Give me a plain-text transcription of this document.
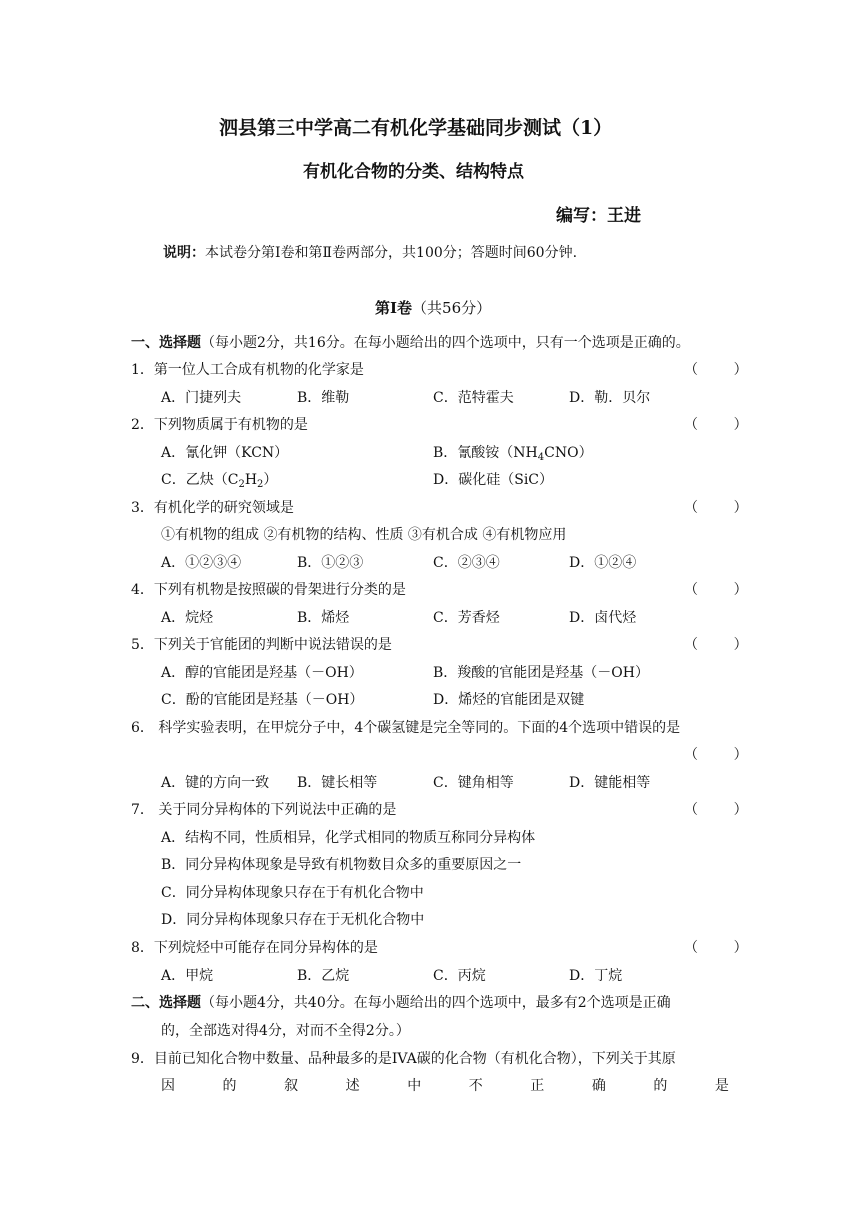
泗县第三中学高二有机化学基础同步测试（1）
有机化合物的分类、结构特点
编写：王进
说明：本试卷分第Ⅰ卷和第Ⅱ卷两部分，共100分；答题时间60分钟.
第Ⅰ卷（共56分）
一、选择题（每小题2分，共16分。在每小题给出的四个选项中，只有一个选项是正确的。
1．第一位人工合成有机物的化学家是	（        ）
A．门捷列夫	B．维勒	C．范特霍夫	D．勒．贝尔
2．下列物质属于有机物的是	（        ）
A．氰化钾（KCN）	B．氰酸铵$(NH_4CNO)$
C．乙炔$(C_2H_2)$	D．碳化硅（SiC）
3．有机化学的研究领域是	（        ）
①有机物的组成 ②有机物的结构、性质 ③有机合成 ④有机物应用
A．①②③④	B．①②③	C．②③④	D．①②④
4．下列有机物是按照碳的骨架进行分类的是	（        ）
A．烷烃	B．烯烃	C．芳香烃	D．卤代烃
5．下列关于官能团的判断中说法错误的是	（        ）
A．醇的官能团是羟基（－OH）	B．羧酸的官能团是羟基（－OH）
C．酚的官能团是羟基（－OH）	D．烯烃的官能团是双键
6． 科学实验表明，在甲烷分子中，4个碳氢键是完全等同的。下面的4个选项中错误的是
（        ）
A．键的方向一致 B．键长相等	C．键角相等	D．键能相等
7． 关于同分异构体的下列说法中正确的是	（        ）
A．结构不同，性质相异，化学式相同的物质互称同分异构体
B．同分异构体现象是导致有机物数目众多的重要原因之一
C．同分异构体现象只存在于有机化合物中
D．同分异构体现象只存在于无机化合物中
8．下列烷烃中可能存在同分异构体的是	（        ）
A．甲烷	B．乙烷	C．丙烷	D．丁烷
二、选择题（每小题4分，共40分。在每小题给出的四个选项中，最多有2个选项是正确
的，全部选对得4分，对而不全得2分。）
9．目前已知化合物中数量、品种最多的是IVA碳的化合物（有机化合物），下列关于其原
因	的	叙	述	中	不	正	确	的	是
